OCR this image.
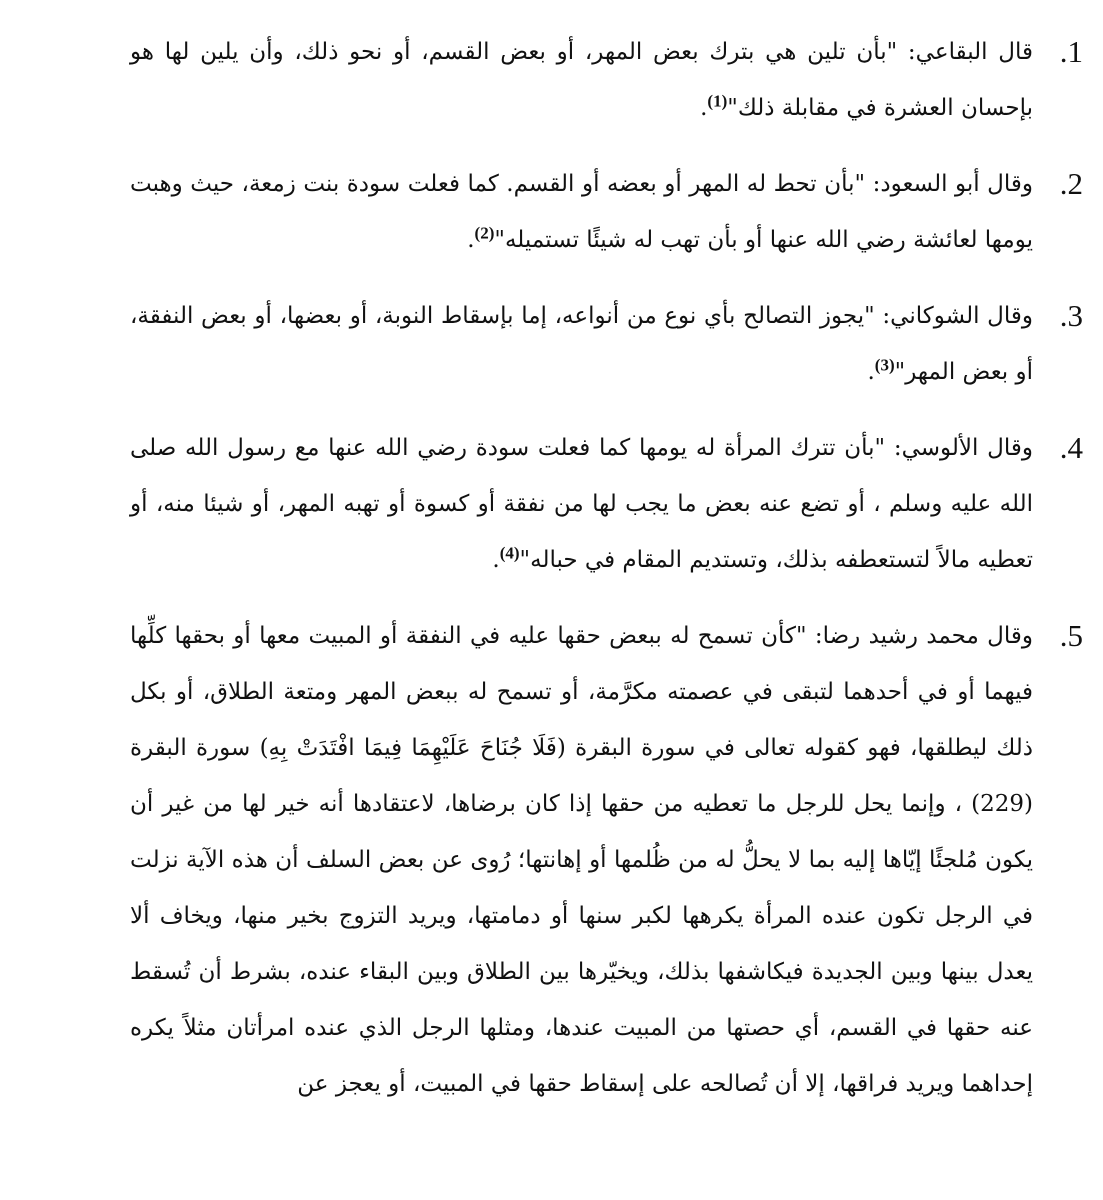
.1
قال البقاعي: "بأن تلين هي بترك بعض المهر، أو بعض القسم، أو نحو ذلك، وأن يلين لها هو بإحسان العشرة في مقابلة ذلك"$^{(1)}$.
.2
وقال أبو السعود: "بأن تحط له المهر أو بعضه أو القسم. كما فعلت سودة بنت زمعة، حيث وهبت يومها لعائشة رضي الله عنها أو بأن تهب له شيئًا تستميله"$^{(2)}$.
.3
وقال الشوكاني: "يجوز التصالح بأي نوع من أنواعه، إما بإسقاط النوبة، أو بعضها، أو بعض النفقة، أو بعض المهر"$^{(3)}$.
.4
وقال الألوسي: "بأن تترك المرأة له يومها كما فعلت سودة رضي الله عنها مع رسول الله صلى الله عليه وسلم ، أو تضع عنه بعض ما يجب لها من نفقة أو كسوة أو تهبه المهر، أو شيئا منه، أو تعطيه مالاً لتستعطفه بذلك، وتستديم المقام في حباله"$^{(4)}$.
.5
وقال محمد رشيد رضا: "كأن تسمح له ببعض حقها عليه في النفقة أو المبيت معها أو بحقها كلِّها فيهما أو في أحدهما لتبقى في عصمته مكرَّمة، أو تسمح له ببعض المهر ومتعة الطلاق، أو بكل ذلك ليطلقها، فهو كقوله تعالى في سورة البقرة (فَلَا جُنَاحَ عَلَيْهِمَا فِيمَا افْتَدَتْ بِهِ) سورة البقرة (229) ، وإنما يحل للرجل ما تعطيه من حقها إذا كان برضاها، لاعتقادها أنه خير لها من غير أن يكون مُلجئًا إيّاها إليه بما لا يحلُّ له من ظُلمها أو إهانتها؛ رُوى عن بعض السلف أن هذه الآية نزلت في الرجل تكون عنده المرأة يكرهها لكبر سنها أو دمامتها، ويريد التزوج بخير منها، ويخاف ألا يعدل بينها وبين الجديدة فيكاشفها بذلك، ويخيّرها بين الطلاق وبين البقاء عنده، بشرط أن تُسقط عنه حقها في القسم، أي حصتها من المبيت عندها، ومثلها الرجل الذي عنده امرأتان مثلاً يكره إحداهما ويريد فراقها، إلا أن تُصالحه على إسقاط حقها في المبيت، أو يعجز عن
